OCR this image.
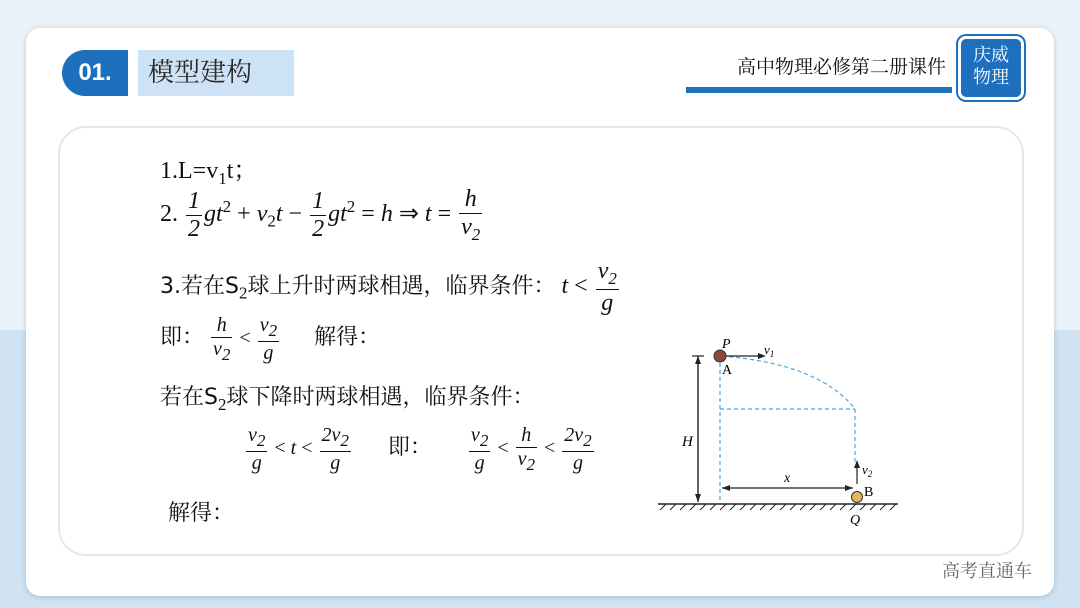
01.	模型建构	高中物理必修第二册课件
庆威
物理
$1.L=v_1t$；
2. $\frac{1}{2} gt^2 + v_2t - \frac{1}{2} gt^2 = h$ ⇒ $t = \frac{h}{v_2}$
3.若在$S_2$球上升时两球相遇，临界条件： $t < \frac{v_2}{g}$
即： $\frac{h}{v_2} < \frac{v_2}{g}$ 解得：
若在$S_2$球下降时两球相遇，临界条件：
$\frac{v_2}{g} < t < \frac{2v_2}{g}$ 即： $\frac{v_2}{g} < \frac{h}{v_2} < \frac{2v_2}{g}$
解得：
H
$v_1$
P
A
$v_2$
B
Q
x
高考直通车
